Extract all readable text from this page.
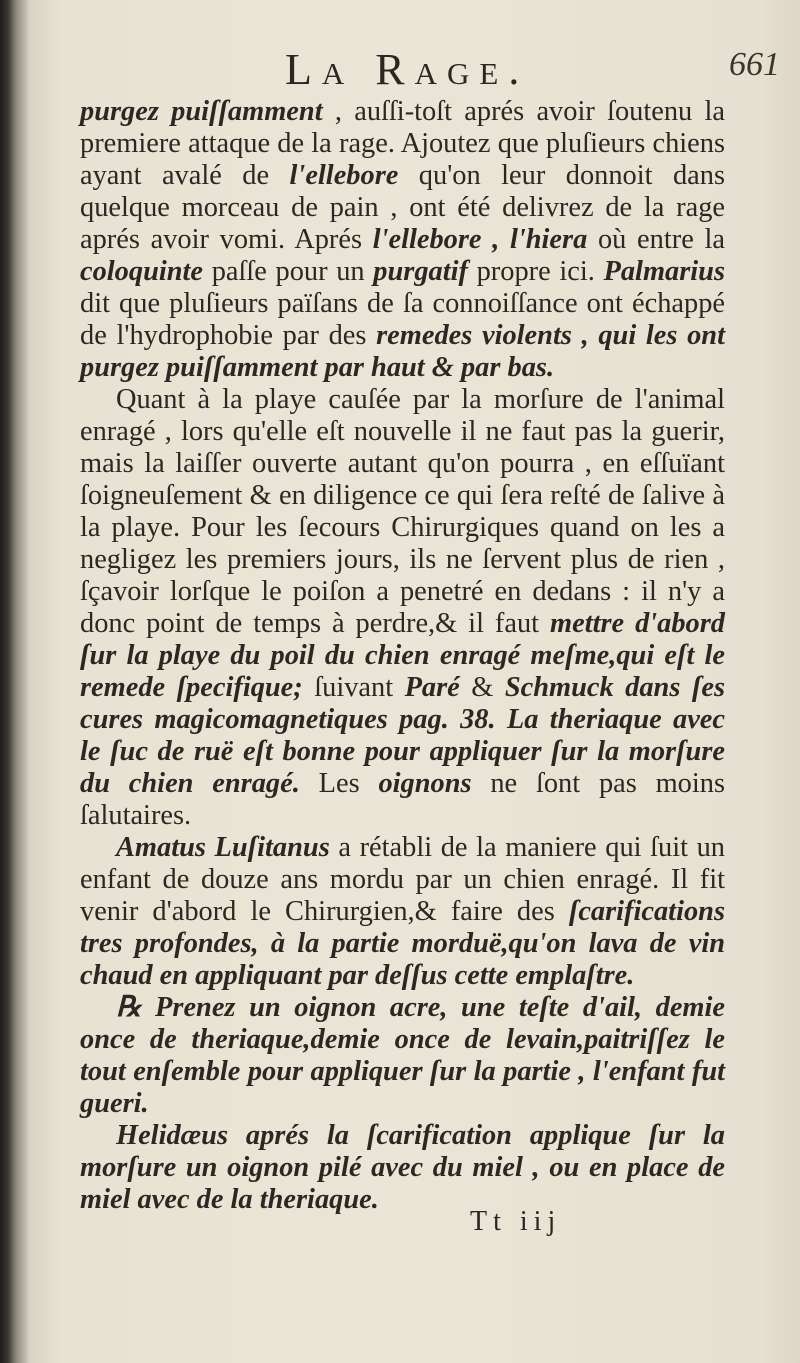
La Rage.	661

purgez puiſſamment , auſſi-toſt aprés avoir ſoutenu la premiere attaque de la rage. Ajoutez que pluſieurs chiens ayant avalé de l'ellebore qu'on leur donnoit dans quelque morceau de pain , ont été delivrez de la rage aprés avoir vomi. Aprés l'ellebore , l'hiera où entre la coloquinte paſſe pour un purgatif propre ici. Palmarius dit que pluſieurs païſans de ſa connoiſſance ont échappé de l'hydrophobie par des remedes violents , qui les ont purgez puiſſamment par haut & par bas.

Quant à la playe cauſée par la morſure de l'animal enragé , lors qu'elle eſt nouvelle il ne faut pas la guerir, mais la laiſſer ouverte autant qu'on pourra , en eſſuïant ſoigneuſement & en diligence ce qui ſera reſté de ſalive à la playe. Pour les ſecours Chirurgiques quand on les a negligez les premiers jours, ils ne ſervent plus de rien , ſçavoir lorſque le poiſon a penetré en dedans : il n'y a donc point de temps à perdre,& il faut mettre d'abord ſur la playe du poil du chien enragé meſme,qui eſt le remede ſpecifique; ſuivant Paré & Schmuck dans ſes cures magicomagnetiques pag. 38. La theriaque avec le ſuc de ruë eſt bonne pour appliquer ſur la morſure du chien enragé. Les oignons ne ſont pas moins ſalutaires.

Amatus Luſitanus a rétabli de la maniere qui ſuit un enfant de douze ans mordu par un chien enragé. Il fit venir d'abord le Chirurgien,& faire des ſcarifications tres profondes, à la partie morduë,qu'on lava de vin chaud en appliquant par deſſus cette emplaſtre.

℞ Prenez un oignon acre, une teſte d'ail, demie once de theriaque,demie once de levain,paitriſſez le tout enſemble pour appliquer ſur la partie , l'enfant fut gueri.

Helidæus aprés la ſcarification applique ſur la morſure un oignon pilé avec du miel , ou en place de miel avec de la theriaque.

Tt iij
